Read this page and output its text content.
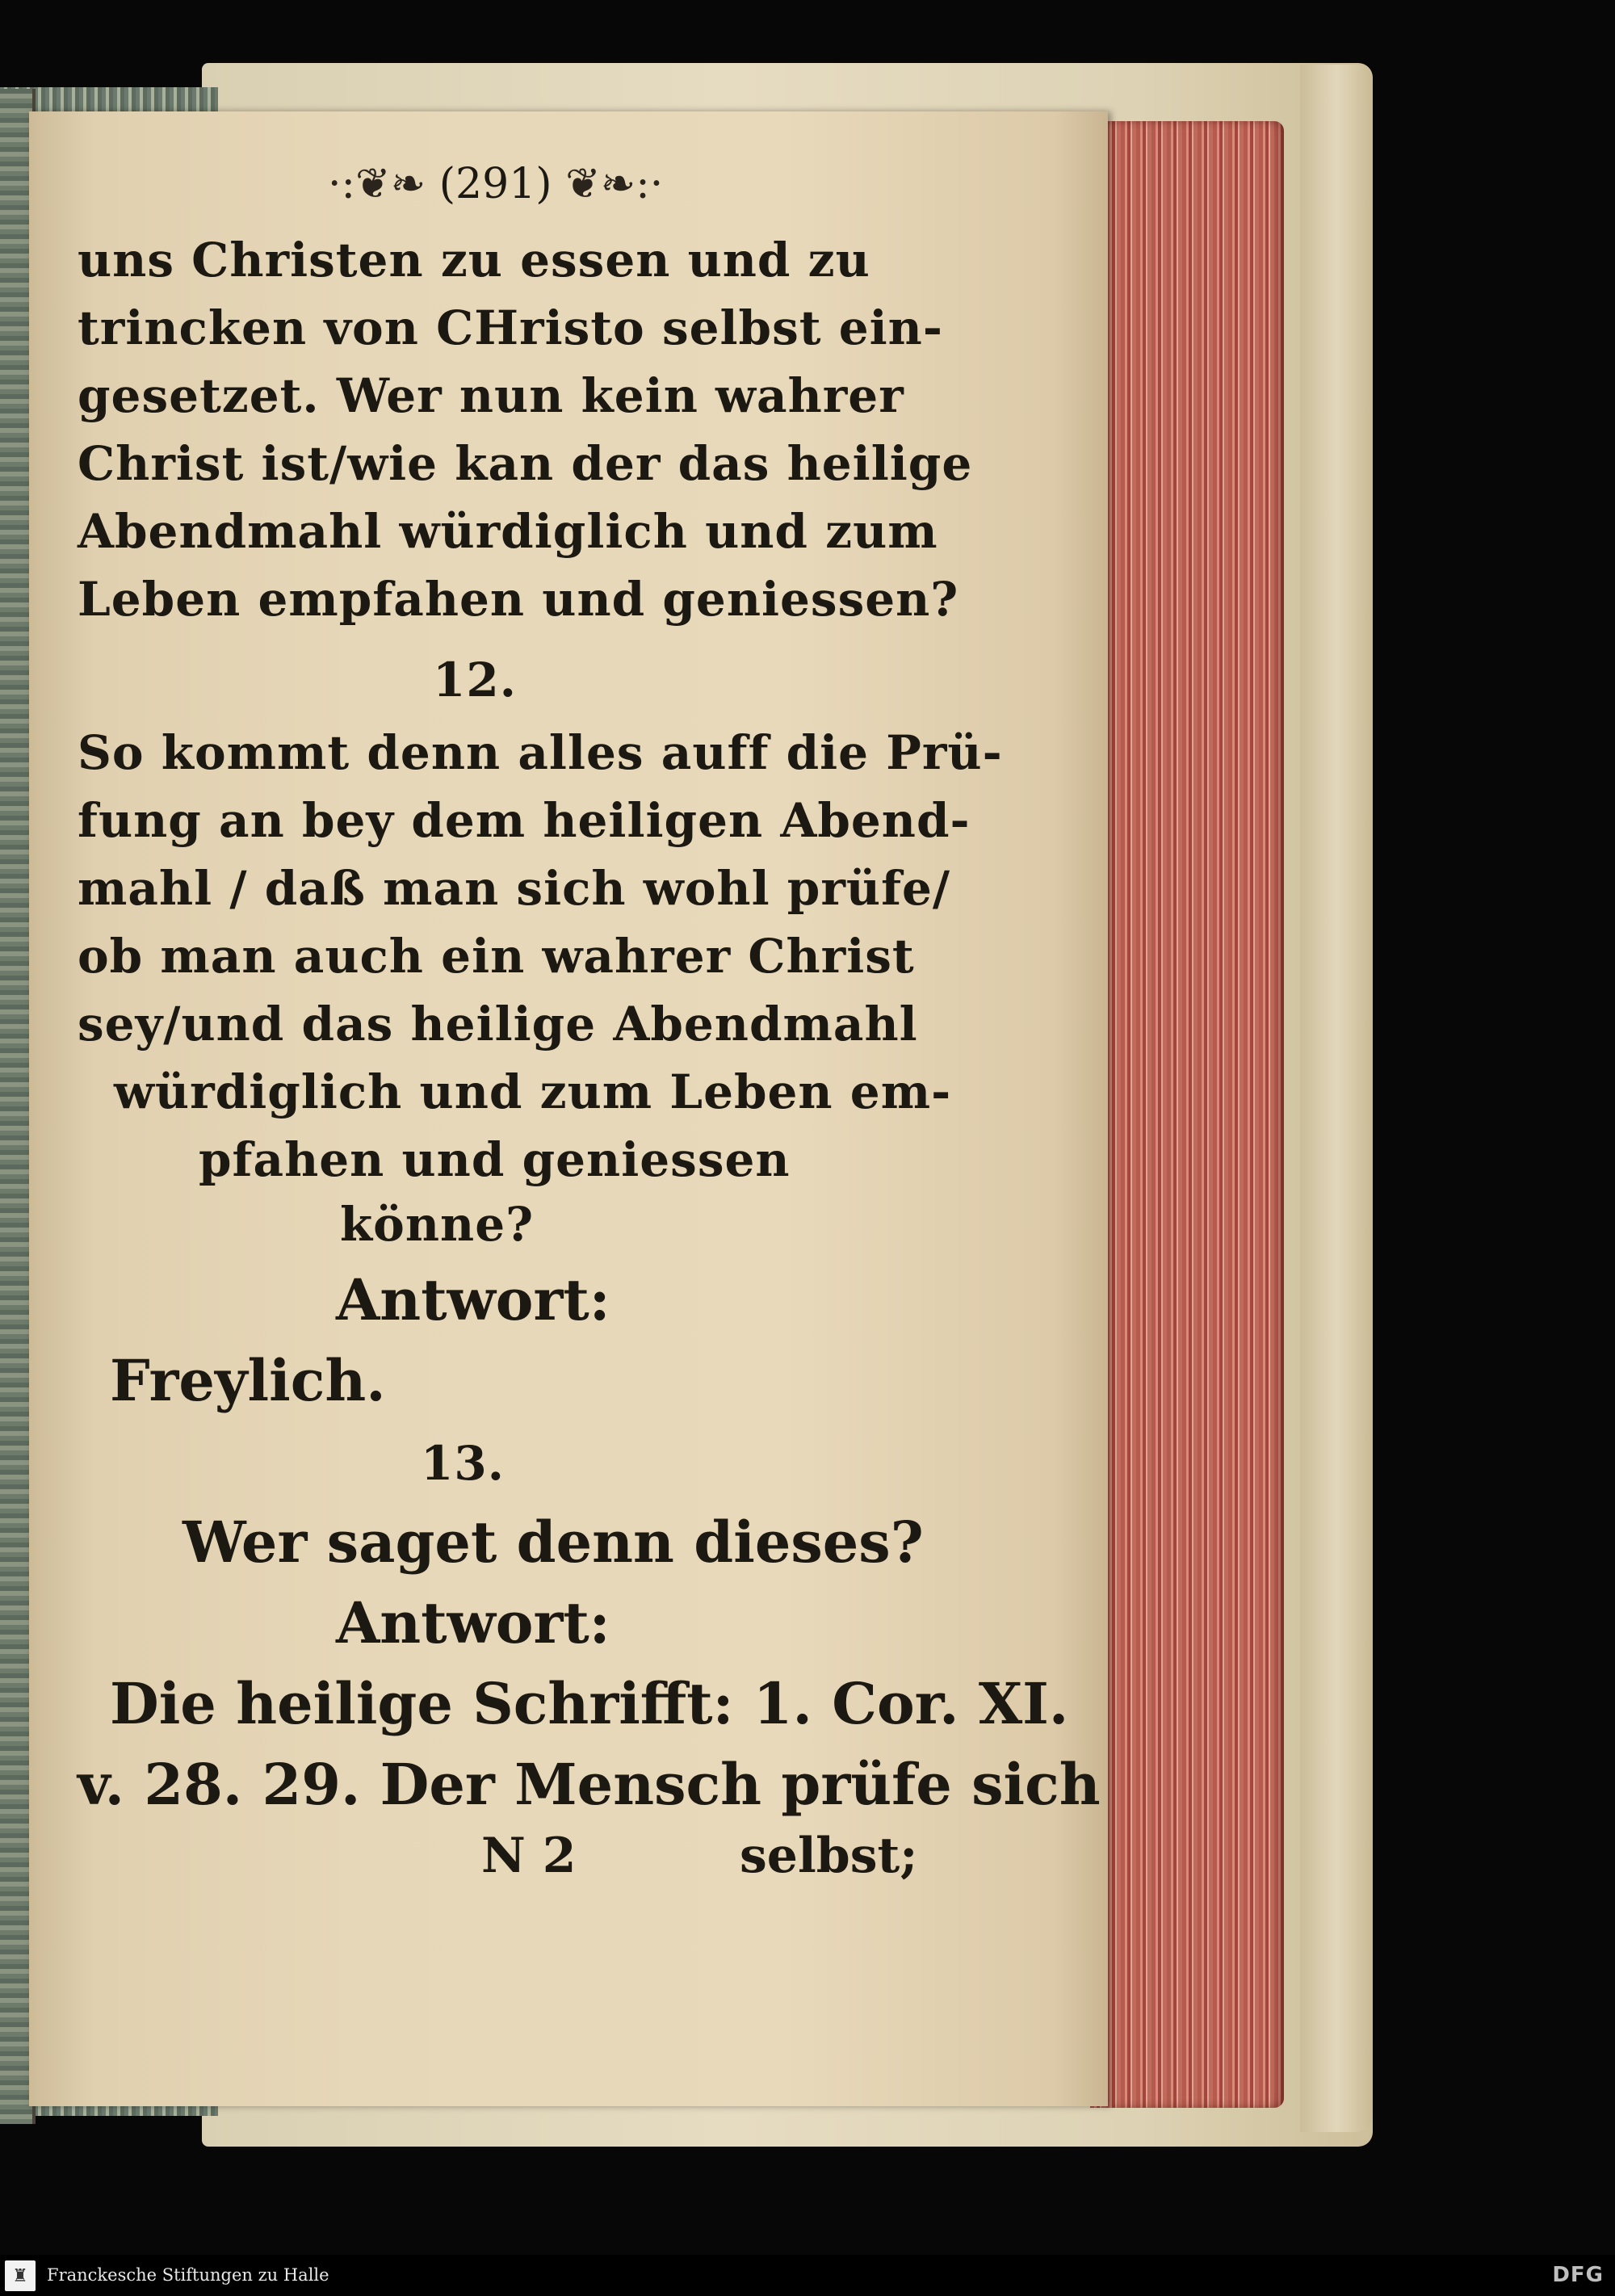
·:❦❧ (291) ❦❧:·
uns Christen zu essen und zu
trincken von CHristo selbst ein-
gesetzet. Wer nun kein wahrer
Christ ist/wie kan der das heilige
Abendmahl würdiglich und zum
Leben empfahen und geniessen?
12.
So kommt denn alles auff die Prü-
fung an bey dem heiligen Abend-
mahl / daß man sich wohl prüfe/
ob man auch ein wahrer Christ
sey/und das heilige Abendmahl
würdiglich und zum Leben em-
pfahen und geniessen
könne?
Antwort:
Freylich.
13.
Wer saget denn dieses?
Antwort:
Die heilige Schrifft: 1. Cor. XI.
v. 28. 29. Der Mensch prüfe sich
N 2	selbst;
♜	Franckesche Stiftungen zu Halle	DFG
